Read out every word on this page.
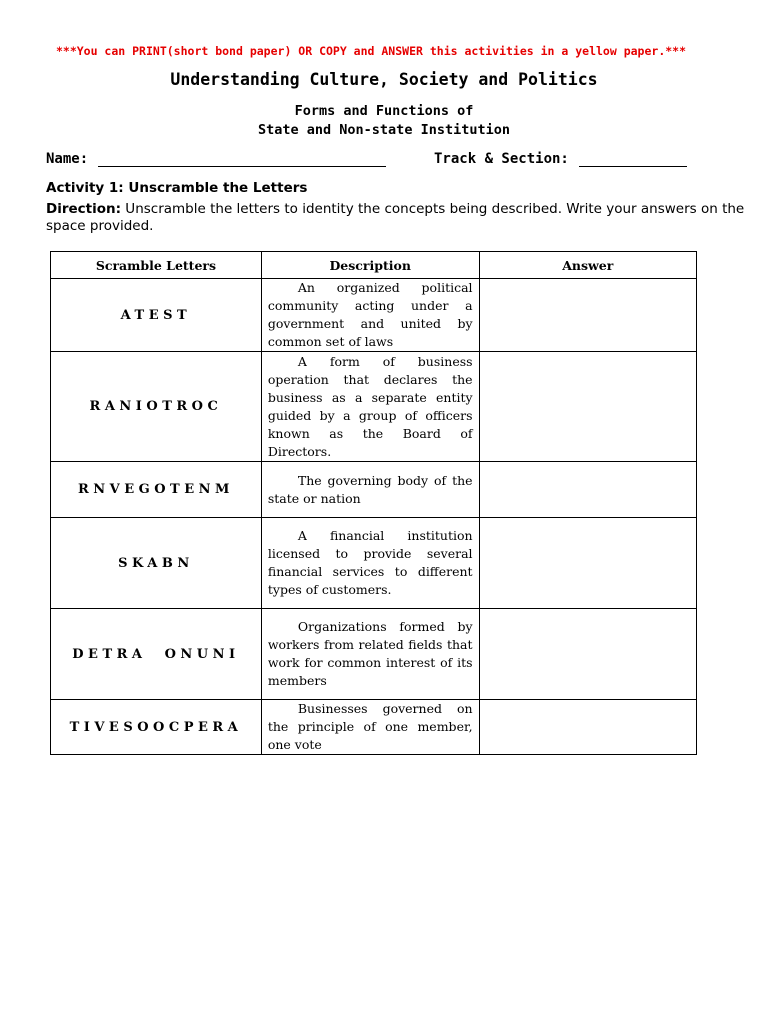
***You can PRINT(short bond paper) OR COPY and ANSWER this activities in a yellow paper.***
Understanding Culture, Society and Politics
Forms and Functions of
State and Non-state Institution
Name:	Track & Section:
Activity 1: Unscramble the Letters
Direction: Unscramble the letters to identity the concepts being described. Write your answers on the space provided.
Scramble Letters	Description	Answer
ATEST	An organized political community acting under a government and united by common set of laws	

RANIOTROC	A form of business operation that declares the business as a separate entity guided by a group of officers known as the Board of Directors.	

RNVEGOTENM	The governing body of the state or nation	

SKABN	A financial institution licensed to provide several financial services to different types of customers.	

DETRA  ONUNI	Organizations formed by workers from related fields that work for common interest of its members	

TIVESOOCPERA	Businesses governed on the principle of one member, one vote	
